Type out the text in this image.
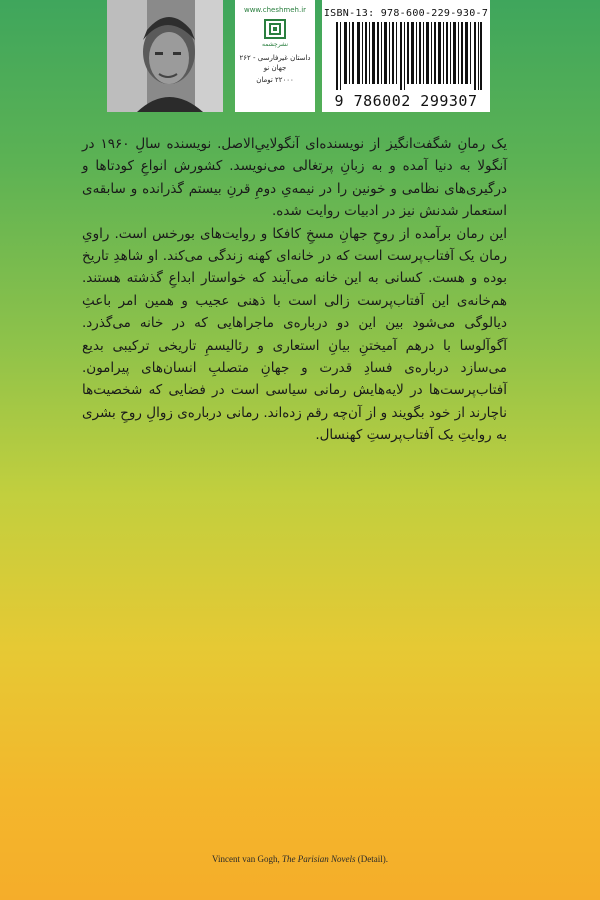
www.cheshmeh.ir
نشرچشمه
داستان غیرفارسی - ۲۶۲
جهان نو
۲۲۰۰۰ تومان
ISBN-13: 978-600-229-930-7
9 786002 299307

یک رمانِ شگفت‌انگیز از نویسنده‌ای آنگولاییِ‌الاصل. نویسنده سالِ ۱۹۶۰ در آنگولا به دنیا آمده و به زبانِ پرتغالی می‌نویسد. کشورش انواعِ کودتاها و درگیری‌های نظامی و خونین را در نیمه‌یِ دومِ قرنِ بیستم گذرانده و سابقه‌ی استعمار شدنش نیز در ادبیات روایت شده.

این رمان برآمده از روحِ جهانِ مسخِ کافکا و روایت‌های بورخس است. راویِ رمان یک آفتاب‌پرست است که در خانه‌ای کهنه زندگی می‌کند. او شاهدِ تاریخ بوده و هست. کسانی به این خانه می‌آیند که خواستار ابداعِ گذشته هستند. هم‌خانه‌ی این آفتاب‌پرست زالی است با ذهنی عجیب و همین امر باعثِ دیالوگی می‌شود بین این دو درباره‌ی ماجراهایی که در خانه می‌گذرد. آگوآلوسا با درهم آمیختنِ بیانِ استعاری و رئالیسمِ تاریخی ترکیبی بدیع می‌سازد درباره‌ی فسادِ قدرت و جهانِ متصلبِ انسان‌های پیرامون. آفتاب‌پرست‌ها در لایه‌هایش رمانی سیاسی است در فضایی که شخصیت‌ها ناچارند از خود بگویند و از آن‌چه رقم زده‌اند. رمانی درباره‌ی زوالِ روحِ بشری به روایتِ یک آفتاب‌پرستِ کهنسال.

Vincent van Gogh, The Parisian Novels (Detail).
